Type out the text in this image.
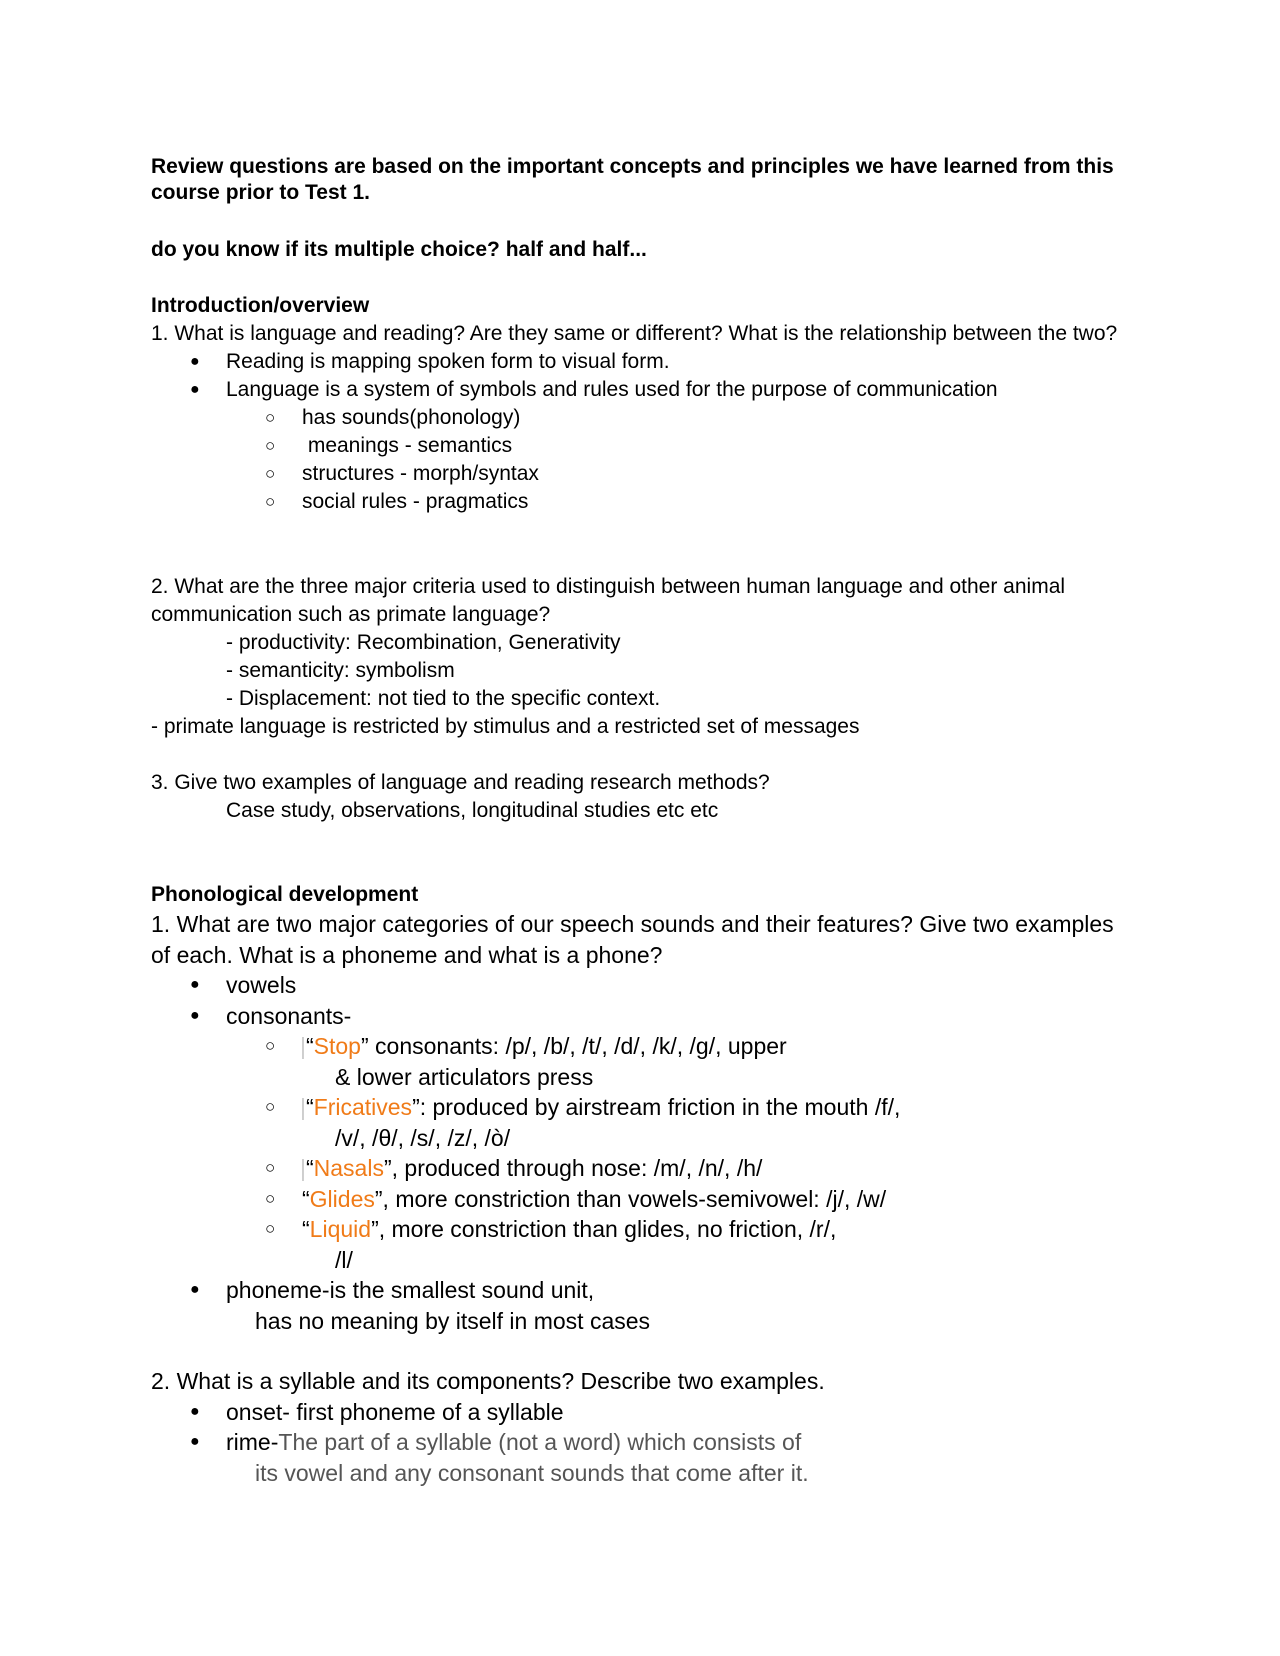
Review questions are based on the important concepts and principles we have learned from this
course prior to Test 1.
do you know if its multiple choice? half and half...
Introduction/overview
1. What is language and reading? Are they same or different? What is the relationship between the two?
● Reading is mapping spoken form to visual form.
● Language is a system of symbols and rules used for the purpose of communication
○ has sounds(phonology)
○ meanings - semantics
○ structures - morph/syntax
○ social rules - pragmatics
2. What are the three major criteria used to distinguish between human language and other animal
communication such as primate language?
- productivity: Recombination, Generativity
- semanticity: symbolism
- Displacement: not tied to the specific context.
- primate language is restricted by stimulus and a restricted set of messages
3. Give two examples of language and reading research methods?
Case study, observations, longitudinal studies etc etc
Phonological development
1. What are two major categories of our speech sounds and their features? Give two examples
of each. What is a phoneme and what is a phone?
● vowels
● consonants-
○ |“Stop” consonants: /p/, /b/, /t/, /d/, /k/, /g/, upper
& lower articulators press
○ |“Fricatives”: produced by airstream friction in the mouth /f/,
/v/, /θ/, /s/, /z/, /ò/
○ |“Nasals”, produced through nose: /m/, /n/, /h/
○ “Glides”, more constriction than vowels-semivowel: /j/, /w/
○ “Liquid”, more constriction than glides, no friction, /r/,
/l/
● phoneme-is the smallest sound unit,
has no meaning by itself in most cases
2. What is a syllable and its components? Describe two examples.
● onset- first phoneme of a syllable
● rime-The part of a syllable (not a word) which consists of
its vowel and any consonant sounds that come after it.
